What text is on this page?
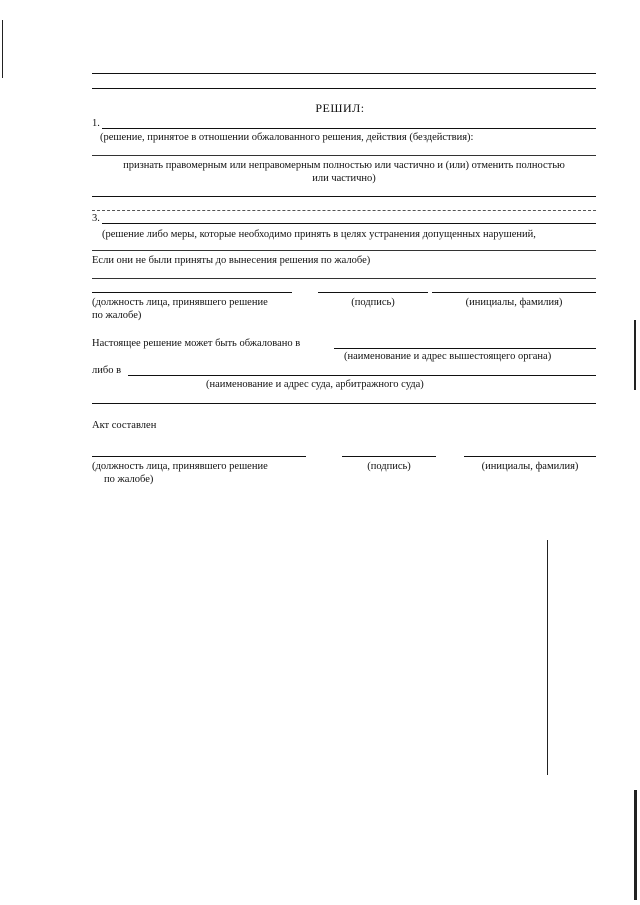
РЕШИЛ:
1.
(решение, принятое в отношении обжалованного решения, действия (бездействия):
признать правомерным или неправомерным полностью или частично и (или) отменить полностью
или частично)
3.
(решение либо меры, которые необходимо принять в целях устранения допущенных нарушений,
Если они не были приняты до вынесения решения по жалобе)
(должность лица, принявшего решение
по жалобе)
(подпись)	(инициалы, фамилия)
Настоящее решение может быть обжаловано в
(наименование и адрес вышестоящего органа)
либо в
(наименование и адрес суда, арбитражного суда)
Акт составлен
(должность лица, принявшего решение
по жалобе)
(подпись)	(инициалы, фамилия)
